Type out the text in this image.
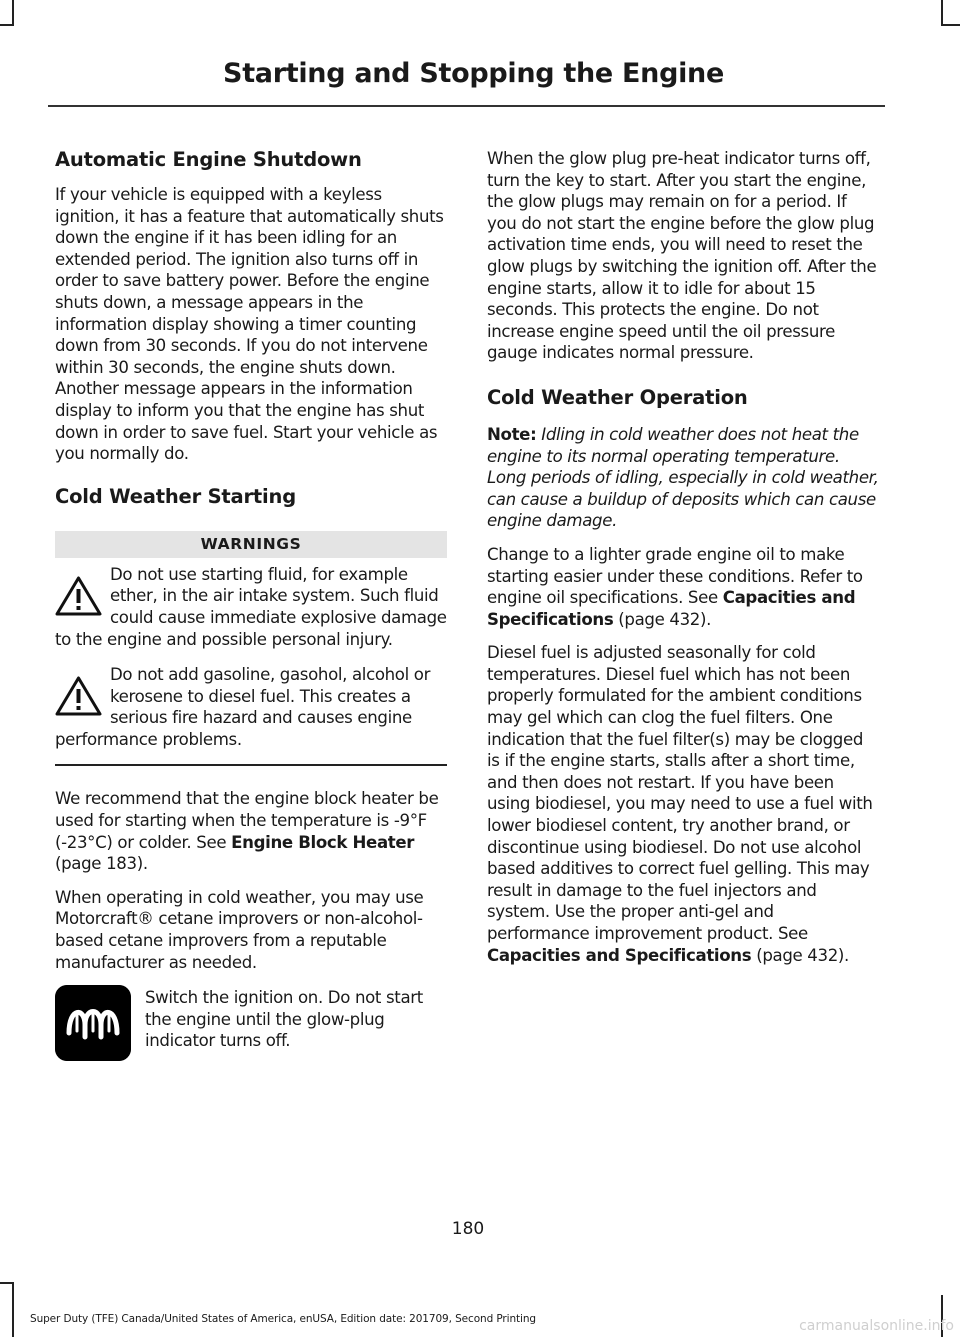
Starting and Stopping the Engine
Automatic Engine Shutdown

If your vehicle is equipped with a keyless ignition, it has a feature that automatically shuts down the engine if it has been idling for an extended period. The ignition also turns off in order to save battery power. Before the engine shuts down, a message appears in the information display showing a timer counting down from 30 seconds. If you do not intervene within 30 seconds, the engine shuts down. Another message appears in the information display to inform you that the engine has shut down in order to save fuel. Start your vehicle as you normally do.

Cold Weather Starting
WARNINGS

Do not use starting fluid, for example ether, in the air intake system. Such fluid could cause immediate explosive damage to the engine and possible personal injury.

Do not add gasoline, gasohol, alcohol or kerosene to diesel fuel. This creates a serious fire hazard and causes engine performance problems.

We recommend that the engine block heater be used for starting when the temperature is -9°F (-23°C) or colder. See Engine Block Heater (page 183).

When operating in cold weather, you may use Motorcraft® cetane improvers or non-alcohol-based cetane improvers from a reputable manufacturer as needed.

Switch the ignition on. Do not start the engine until the glow-plug indicator turns off.

When the glow plug pre-heat indicator turns off, turn the key to start. After you start the engine, the glow plugs may remain on for a period. If you do not start the engine before the glow plug activation time ends, you will need to reset the glow plugs by switching the ignition off. After the engine starts, allow it to idle for about 15 seconds. This protects the engine. Do not increase engine speed until the oil pressure gauge indicates normal pressure.

Cold Weather Operation

Note: Idling in cold weather does not heat the engine to its normal operating temperature. Long periods of idling, especially in cold weather, can cause a buildup of deposits which can cause engine damage.

Change to a lighter grade engine oil to make starting easier under these conditions. Refer to engine oil specifications. See Capacities and Specifications (page 432).

Diesel fuel is adjusted seasonally for cold temperatures. Diesel fuel which has not been properly formulated for the ambient conditions may gel which can clog the fuel filters. One indication that the fuel filter(s) may be clogged is if the engine starts, stalls after a short time, and then does not restart. If you have been using biodiesel, you may need to use a fuel with lower biodiesel content, try another brand, or discontinue using biodiesel. Do not use alcohol based additives to correct fuel gelling. This may result in damage to the fuel injectors and system. Use the proper anti-gel and performance improvement product. See Capacities and Specifications (page 432).

180
Super Duty (TFE) Canada/United States of America, enUSA, Edition date: 201709, Second Printing	carmanualsonline.info
